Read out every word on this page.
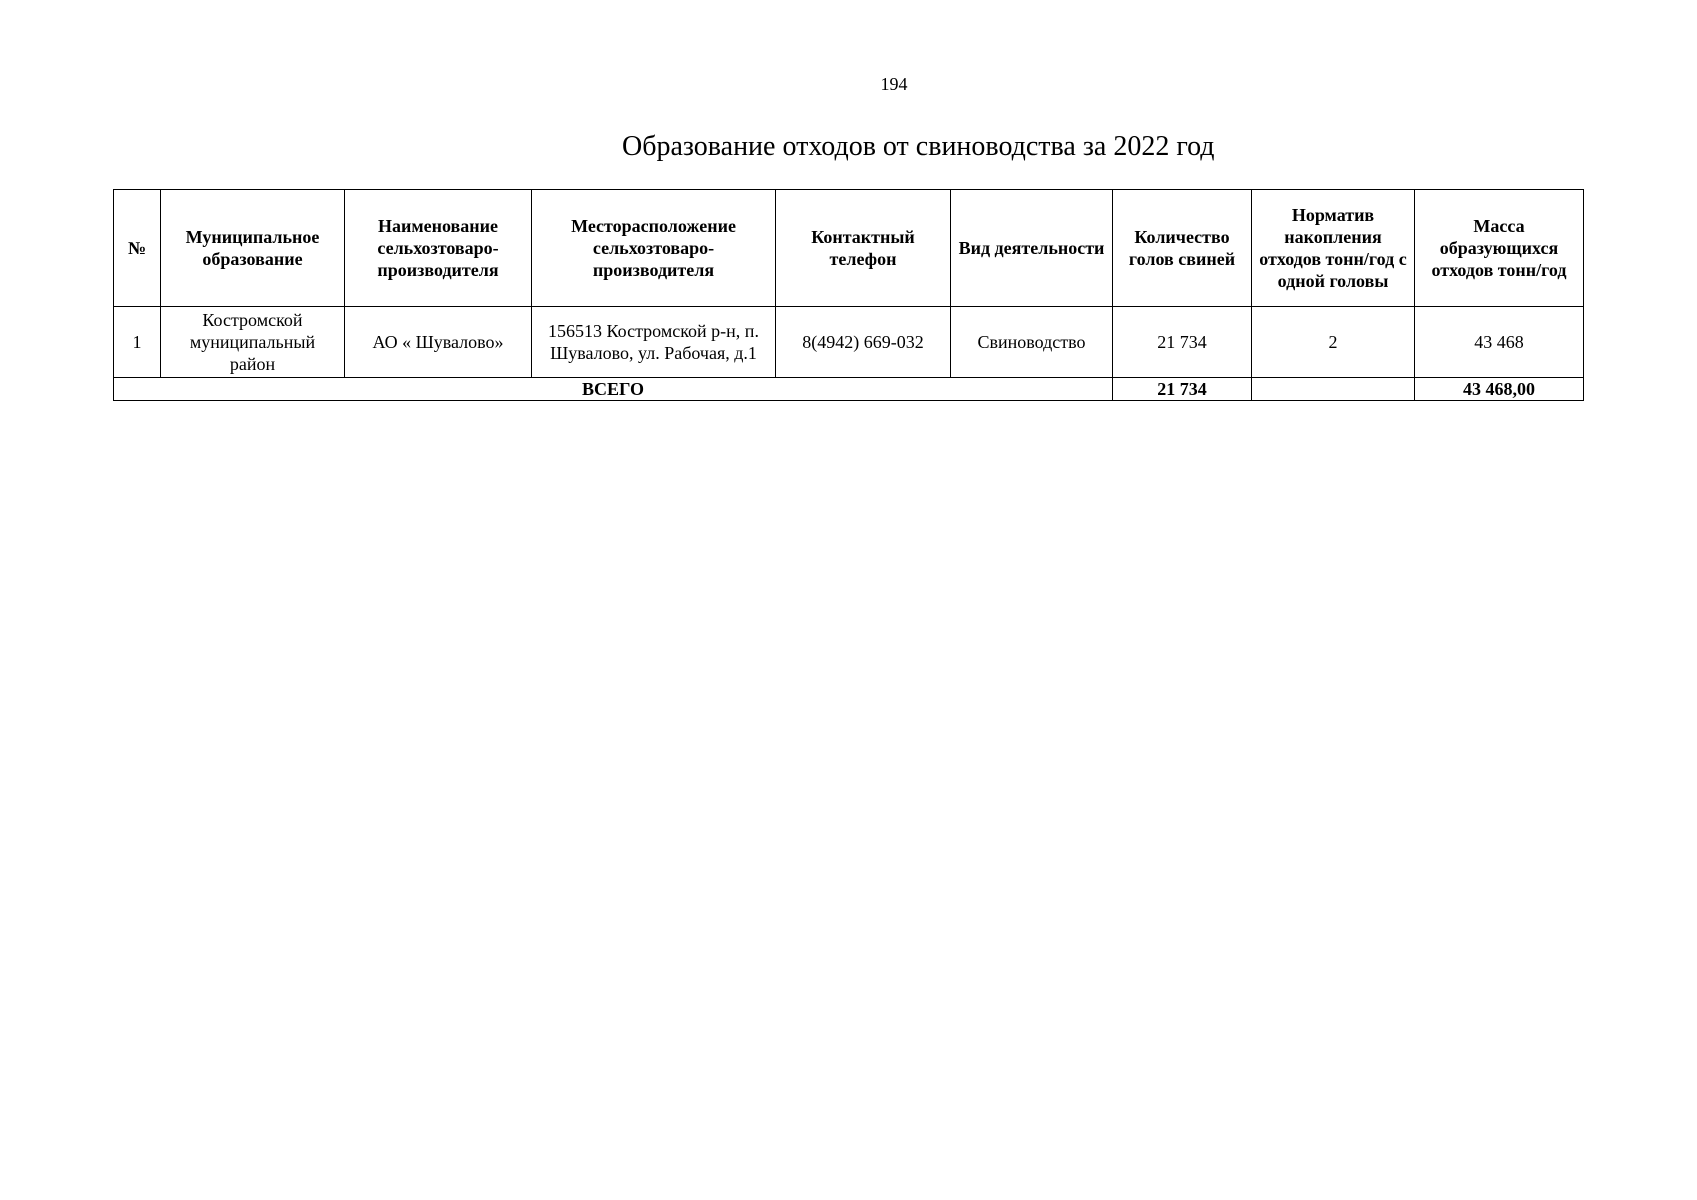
194
Образование отходов от свиноводства за 2022 год
№	Муниципальное образование	Наименование сельхозтоваро-производителя	Месторасположение сельхозтоваро-производителя	Контактный телефон	Вид деятельности	Количество голов свиней	Норматив накопления отходов тонн/год с одной головы	Масса образующихся отходов тонн/год
1	Костромской муниципальный район	АО « Шувалово»	156513 Костромской р-н, п. Шувалово, ул. Рабочая, д.1	8(4942) 669-032	Свиноводство	21 734	2	43 468
ВСЕГО						21 734		43 468,00
